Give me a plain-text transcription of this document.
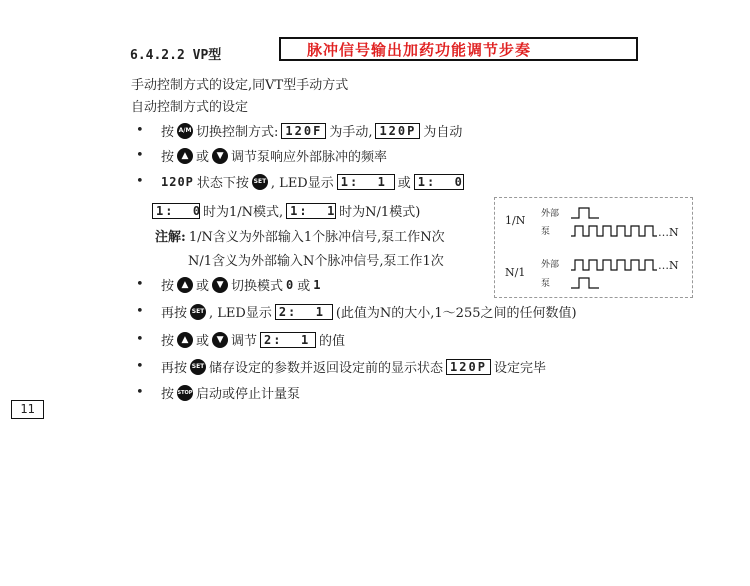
6.4.2.2 VP型	脉冲信号输出加药功能调节步奏
手动控制方式的设定,同VT型手动方式
自动控制方式的设定
•	按 A/M 切换控制方式: 120F 为手动, 120P 为自动
•	按 ▲ 或 ▼ 调节泵响应外部脉冲的频率
•	120P 状态下按 SET , LED显示 1:  1 或 1:  0
1:  0 时为1/N模式, 1:  1 时为N/1模式)
注解: 1/N含义为外部输入1个脉冲信号,泵工作N次
N/1含义为外部输入N个脉冲信号,泵工作1次
•	按 ▲ 或 ▼ 切换模式 0 或 1
•	再按 SET , LED显示 2:  1 (此值为N的大小,1～255之间的任何数值)
•	按 ▲ 或 ▼ 调节 2:  1 的值
•	再按 SET 储存设定的参数并返回设定前的显示状态 120P 设定完毕
•	按 STOP 启动或停止计量泵
1/N 外部
泵	…N
N/1
外部
泵
…N
11
